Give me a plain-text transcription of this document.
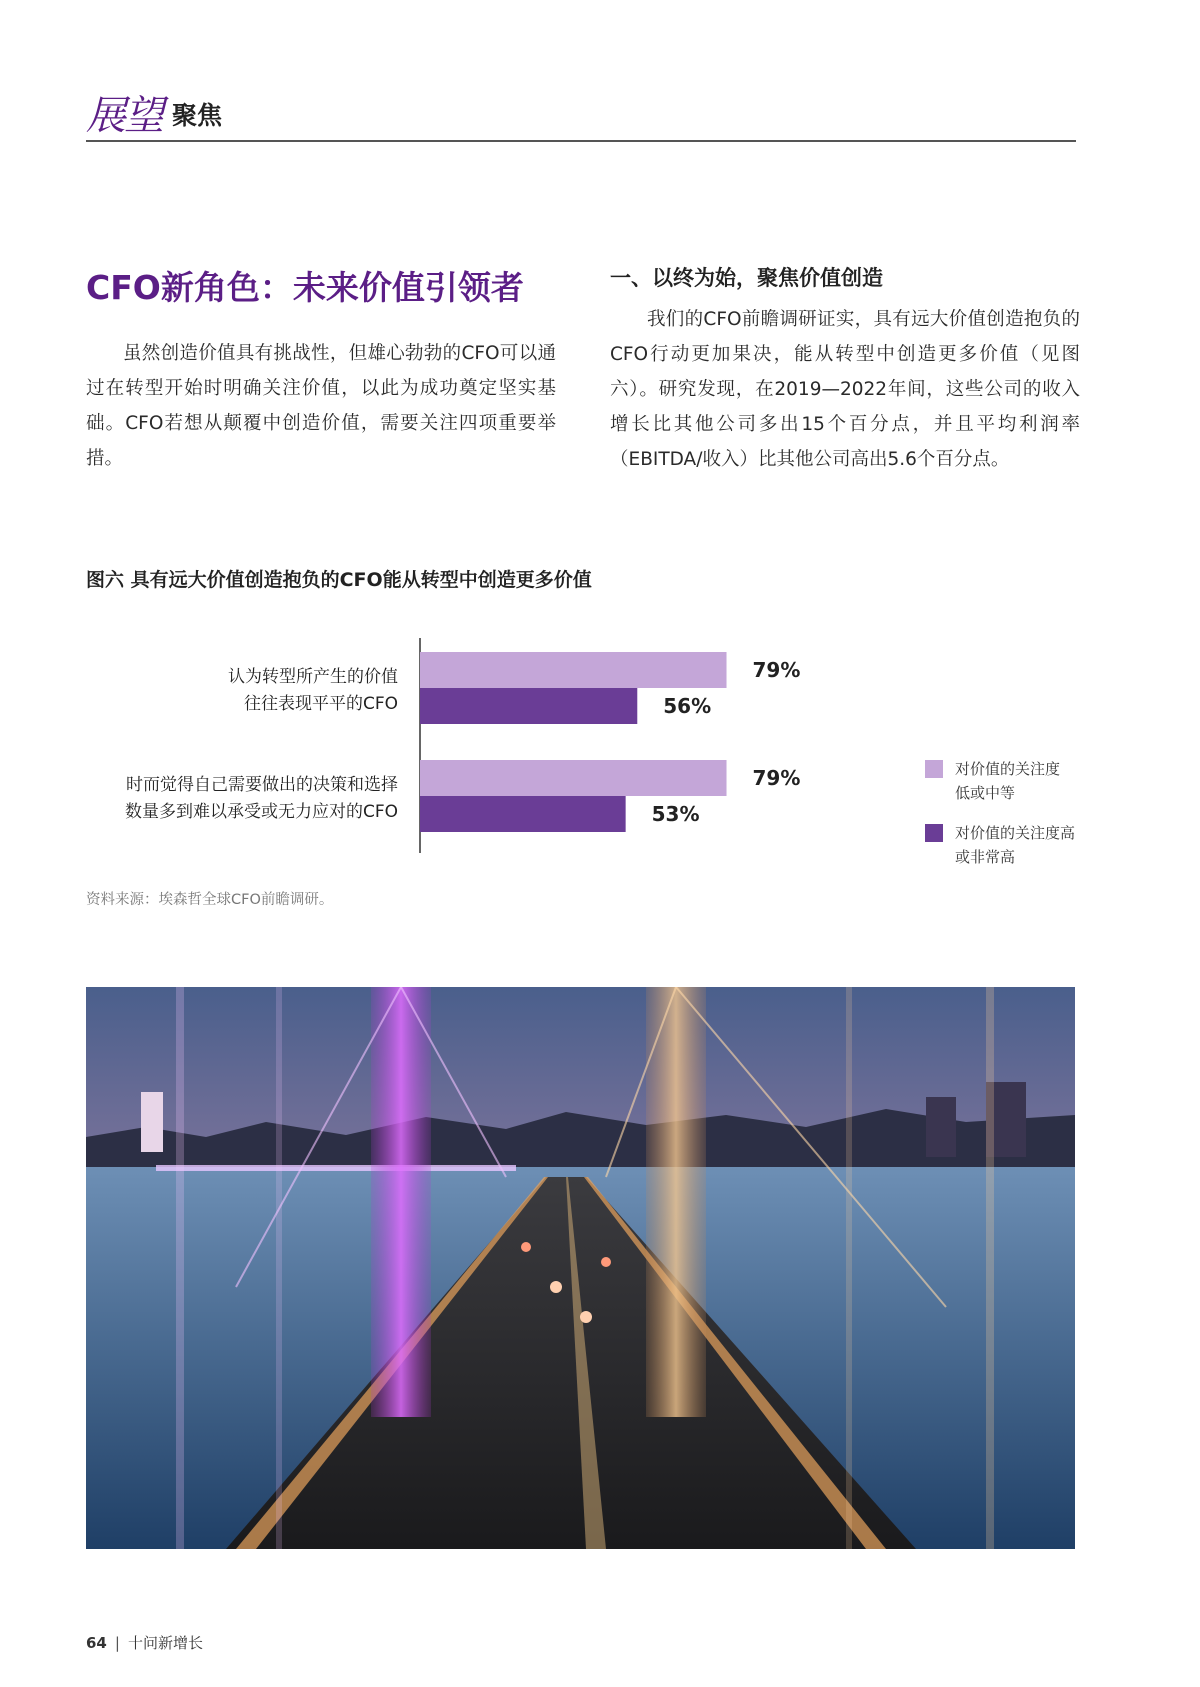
展望 聚焦
CFO新角色：未来价值引领者
虽然创造价值具有挑战性，但雄心勃勃的CFO可以通过在转型开始时明确关注价值，以此为成功奠定坚实基础。CFO若想从颠覆中创造价值，需要关注四项重要举措。
一、以终为始，聚焦价值创造
我们的CFO前瞻调研证实，具有远大价值创造抱负的CFO行动更加果决，能从转型中创造更多价值（见图六）。研究发现，在2019—2022年间，这些公司的收入增长比其他公司多出15个百分点，并且平均利润率（EBITDA/收入）比其他公司高出5.6个百分点。
图六 具有远大价值创造抱负的CFO能从转型中创造更多价值
79%
56%
认为转型所产生的价值
往往表现平平的CFO
79%
53%
时而觉得自己需要做出的决策和选择
数量多到难以承受或无力应对的CFO
对价值的关注度
低或中等
对价值的关注度高
或非常高
资料来源：埃森哲全球CFO前瞻调研。
64 | 十问新增长
